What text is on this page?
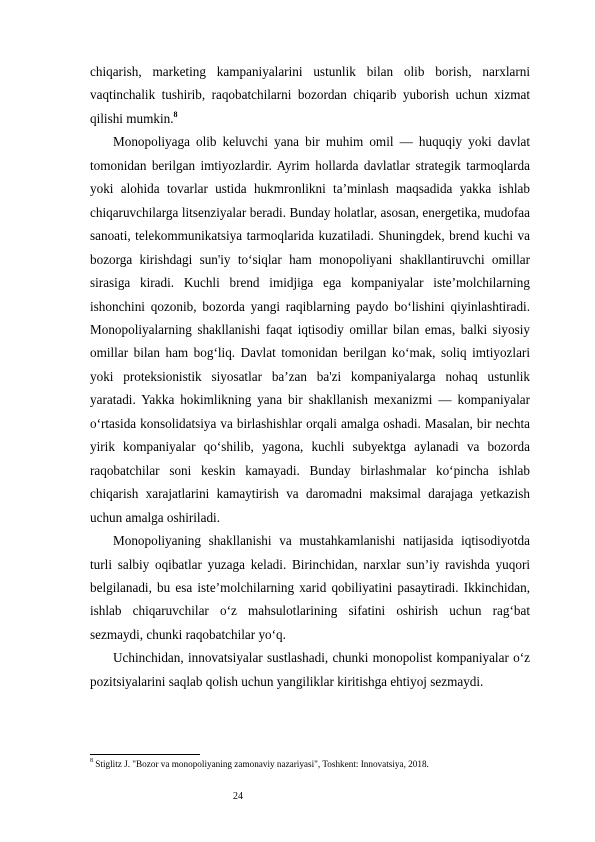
chiqarish, marketing kampaniyalarini ustunlik bilan olib borish, narxlarni vaqtinchalik tushirib, raqobatchilarni bozordan chiqarib yuborish uchun xizmat qilishi mumkin.$^8$

Monopoliyaga olib keluvchi yana bir muhim omil — huquqiy yoki davlat tomonidan berilgan imtiyozlardir. Ayrim hollarda davlatlar strategik tarmoqlarda yoki alohida tovarlar ustida hukmronlikni ta’minlash maqsadida yakka ishlab chiqaruvchilarga litsenziyalar beradi. Bunday holatlar, asosan, energetika, mudofaa sanoati, telekommunikatsiya tarmoqlarida kuzatiladi. Shuningdek, brend kuchi va bozorga kirishdagi sun'iy to‘siqlar ham monopoliyani shakllantiruvchi omillar sirasiga kiradi. Kuchli brend imidjiga ega kompaniyalar iste’molchilarning ishonchini qozonib, bozorda yangi raqiblarning paydo bo‘lishini qiyinlashtiradi. Monopoliyalarning shakllanishi faqat iqtisodiy omillar bilan emas, balki siyosiy omillar bilan ham bog‘liq. Davlat tomonidan berilgan ko‘mak, soliq imtiyozlari yoki proteksionistik siyosatlar ba’zan ba'zi kompaniyalarga nohaq ustunlik yaratadi. Yakka hokimlikning yana bir shakllanish mexanizmi — kompaniyalar o‘rtasida konsolidatsiya va birlashishlar orqali amalga oshadi. Masalan, bir nechta yirik kompaniyalar qo‘shilib, yagona, kuchli subyektga aylanadi va bozorda raqobatchilar soni keskin kamayadi. Bunday birlashmalar ko‘pincha ishlab chiqarish xarajatlarini kamaytirish va daromadni maksimal darajaga yetkazish uchun amalga oshiriladi.

Monopoliyaning shakllanishi va mustahkamlanishi natijasida iqtisodiyotda turli salbiy oqibatlar yuzaga keladi. Birinchidan, narxlar sun’iy ravishda yuqori belgilanadi, bu esa iste’molchilarning xarid qobiliyatini pasaytiradi. Ikkinchidan, ishlab chiqaruvchilar o‘z mahsulotlarining sifatini oshirish uchun rag‘bat sezmaydi, chunki raqobatchilar yo‘q.

Uchinchidan, innovatsiyalar sustlashadi, chunki monopolist kompaniyalar o‘z pozitsiyalarini saqlab qolish uchun yangiliklar kiritishga ehtiyoj sezmaydi.

$^8$ Stiglitz J. "Bozor va monopoliyaning zamonaviy nazariyasi", Toshkent: Innovatsiya, 2018.
24
